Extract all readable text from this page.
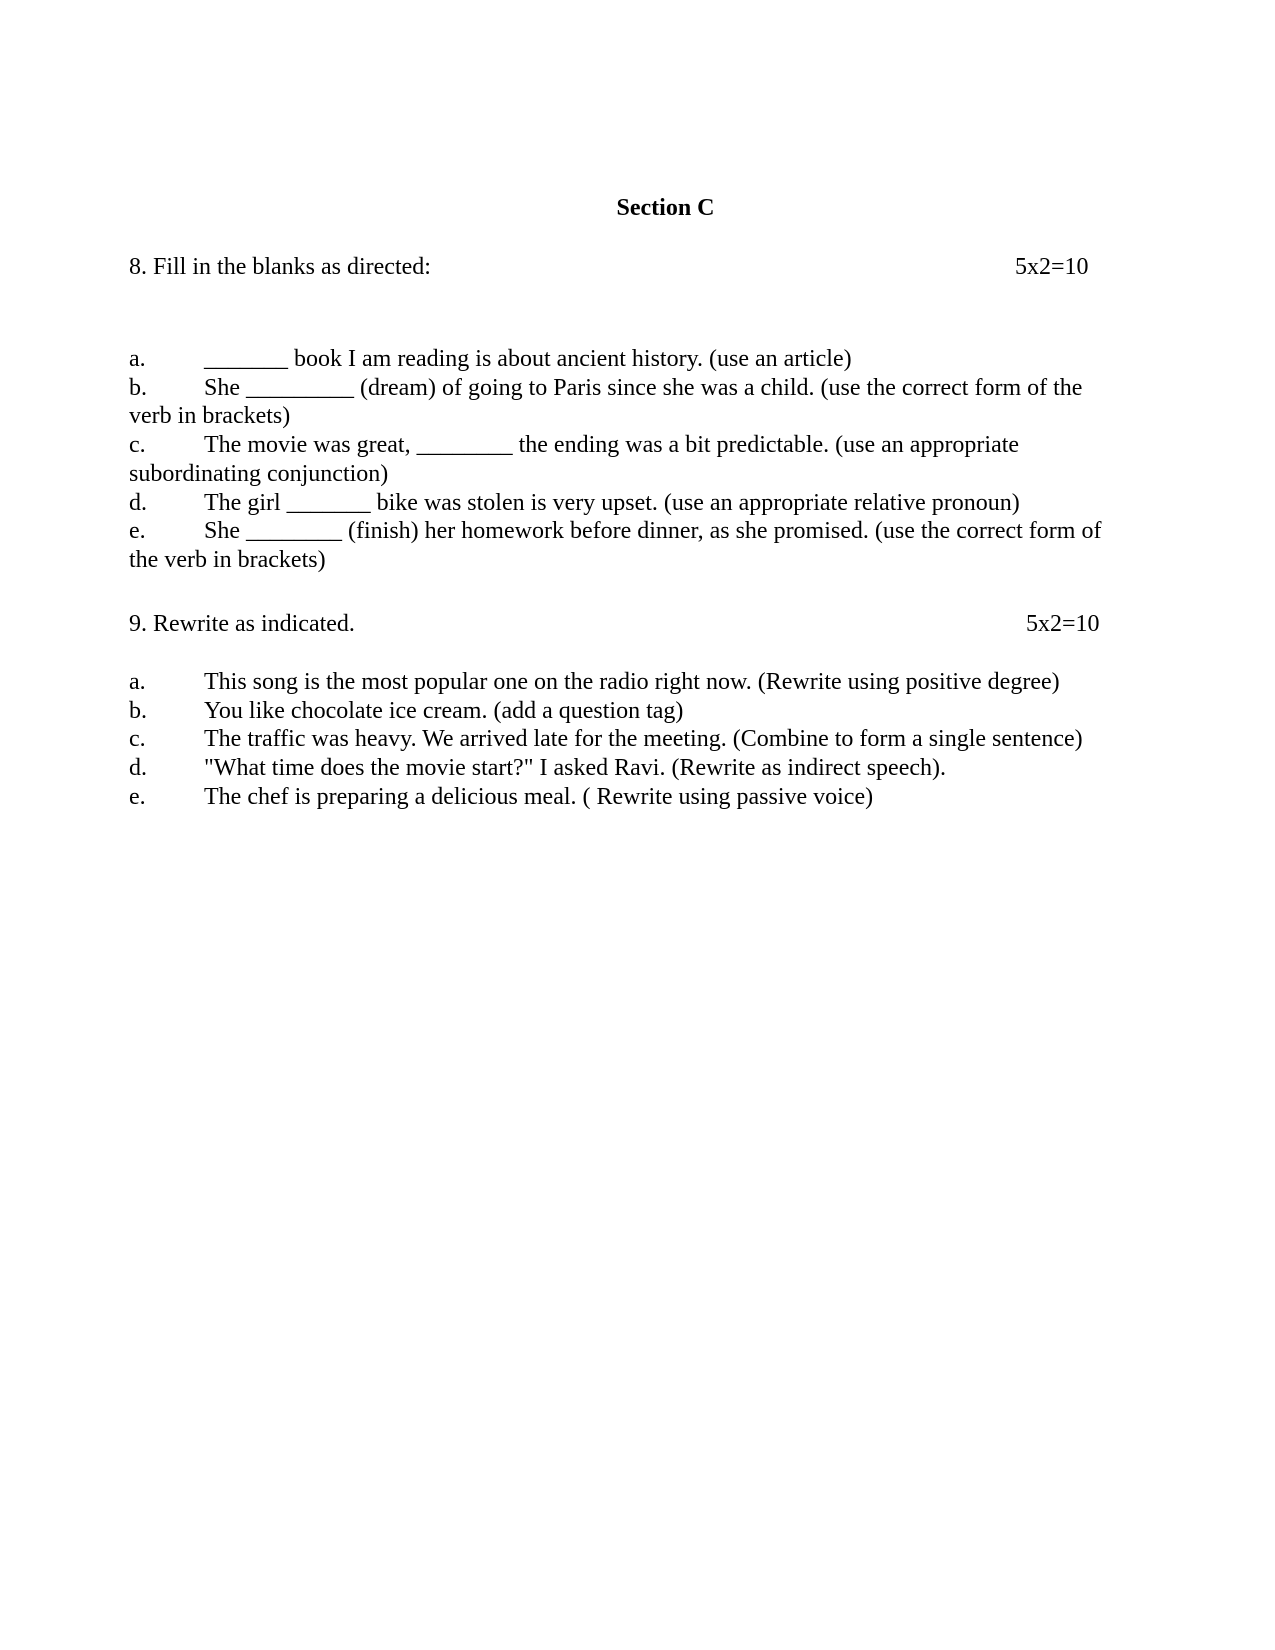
Section C
8. Fill in the blanks as directed:	5x2=10

a. _______ book I am reading is about ancient history. (use an article)

b. She _________ (dream) of going to Paris since she was a child. (use the correct form of the verb in brackets)

c. The movie was great, ________ the ending was a bit predictable. (use an appropriate subordinating conjunction)

d. The girl _______ bike was stolen is very upset. (use an appropriate relative pronoun)

e. She ________ (finish) her homework before dinner, as she promised. (use the correct form of the verb in brackets)

9. Rewrite as indicated.	5x2=10

a. This song is the most popular one on the radio right now. (Rewrite using positive degree)

b. You like chocolate ice cream. (add a question tag)

c. The traffic was heavy. We arrived late for the meeting. (Combine to form a single sentence)

d. "What time does the movie start?" I asked Ravi. (Rewrite as indirect speech).

e. The chef is preparing a delicious meal. ( Rewrite using passive voice)
